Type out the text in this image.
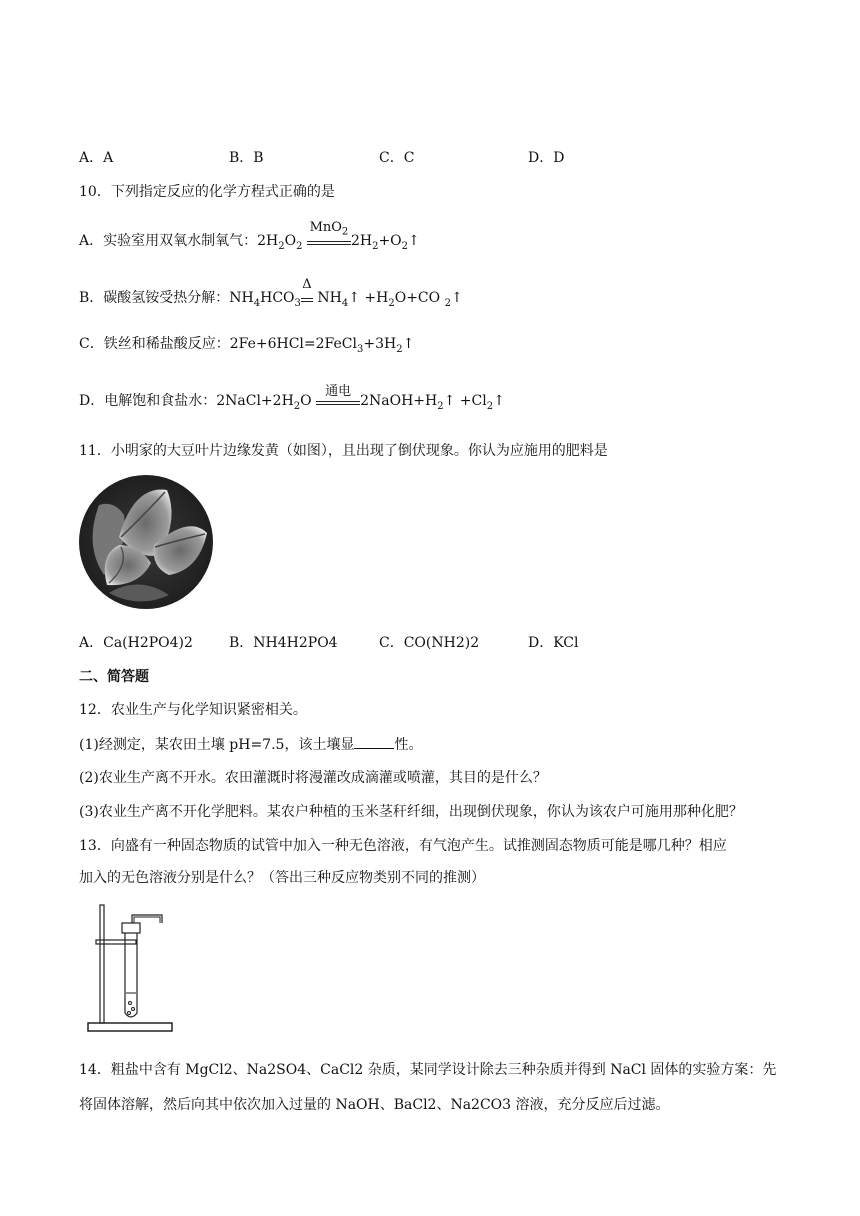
A．A	B．B	C．C	D．D
10．下列指定反应的化学方程式正确的是
A．实验室用双氧水制氧气：$2H_2O_2$
MnO$_2$
$2H_2+O_2↑$
B．碳酸氢铵受热分解：$NH_4HCO_3$
Δ
$NH_4↑ +H_2O+CO$ $_2$↑
C．铁丝和稀盐酸反应：$2Fe+6HCl=2FeCl_3+3H_2↑$
D．电解饱和食盐水：$2NaCl+2H_2O$
通电
$2NaOH+H_2↑$ $+Cl_2↑$
11．小明家的大豆叶片边缘发黄（如图），且出现了倒伏现象。你认为应施用的肥料是
A．Ca(H2PO4)2	B．NH4H2PO4	C．CO(NH2)2	D．KCl
二、简答题
12．农业生产与化学知识紧密相关。
(1)经测定，某农田土壤 pH=7.5，该土壤显	性。
(2)农业生产离不开水。农田灌溉时将漫灌改成滴灌或喷灌，其目的是什么？
(3)农业生产离不开化学肥料。某农户种植的玉米茎秆纤细，出现倒伏现象，你认为该农户可施用那种化肥？
13．向盛有一种固态物质的试管中加入一种无色溶液，有气泡产生。试推测固态物质可能是哪几种？相应
加入的无色溶液分别是什么？（答出三种反应物类别不同的推测）
14．粗盐中含有 MgCl2、Na2SO4、CaCl2 杂质，某同学设计除去三种杂质并得到 NaCl 固体的实验方案：先
将固体溶解，然后向其中依次加入过量的 NaOH、BaCl2、Na2CO3 溶液，充分反应后过滤。
